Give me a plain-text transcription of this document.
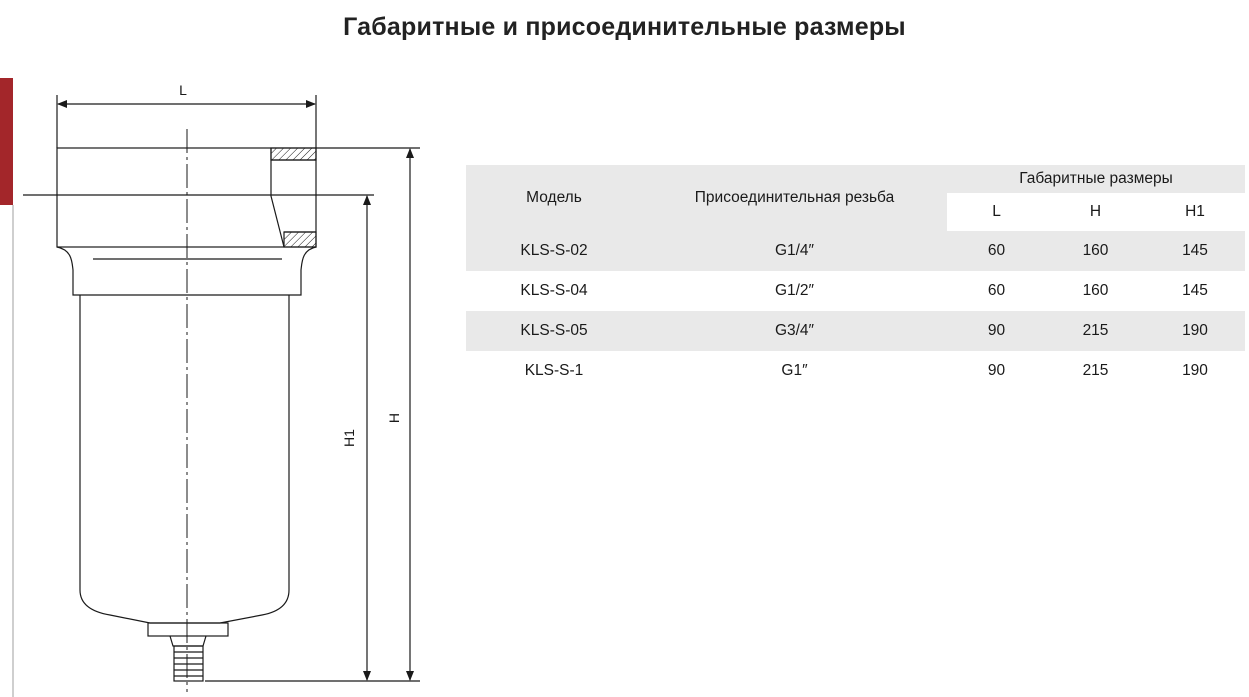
Габаритные и присоединительные размеры
L
H
H1
Модель	Присоединительная резьба	Габаритные размеры		
		L	H	H1
KLS-S-02	G1/4″	60	160	145
KLS-S-04	G1/2″	60	160	145
KLS-S-05	G3/4″	90	215	190
KLS-S-1	G1″	90	215	190
